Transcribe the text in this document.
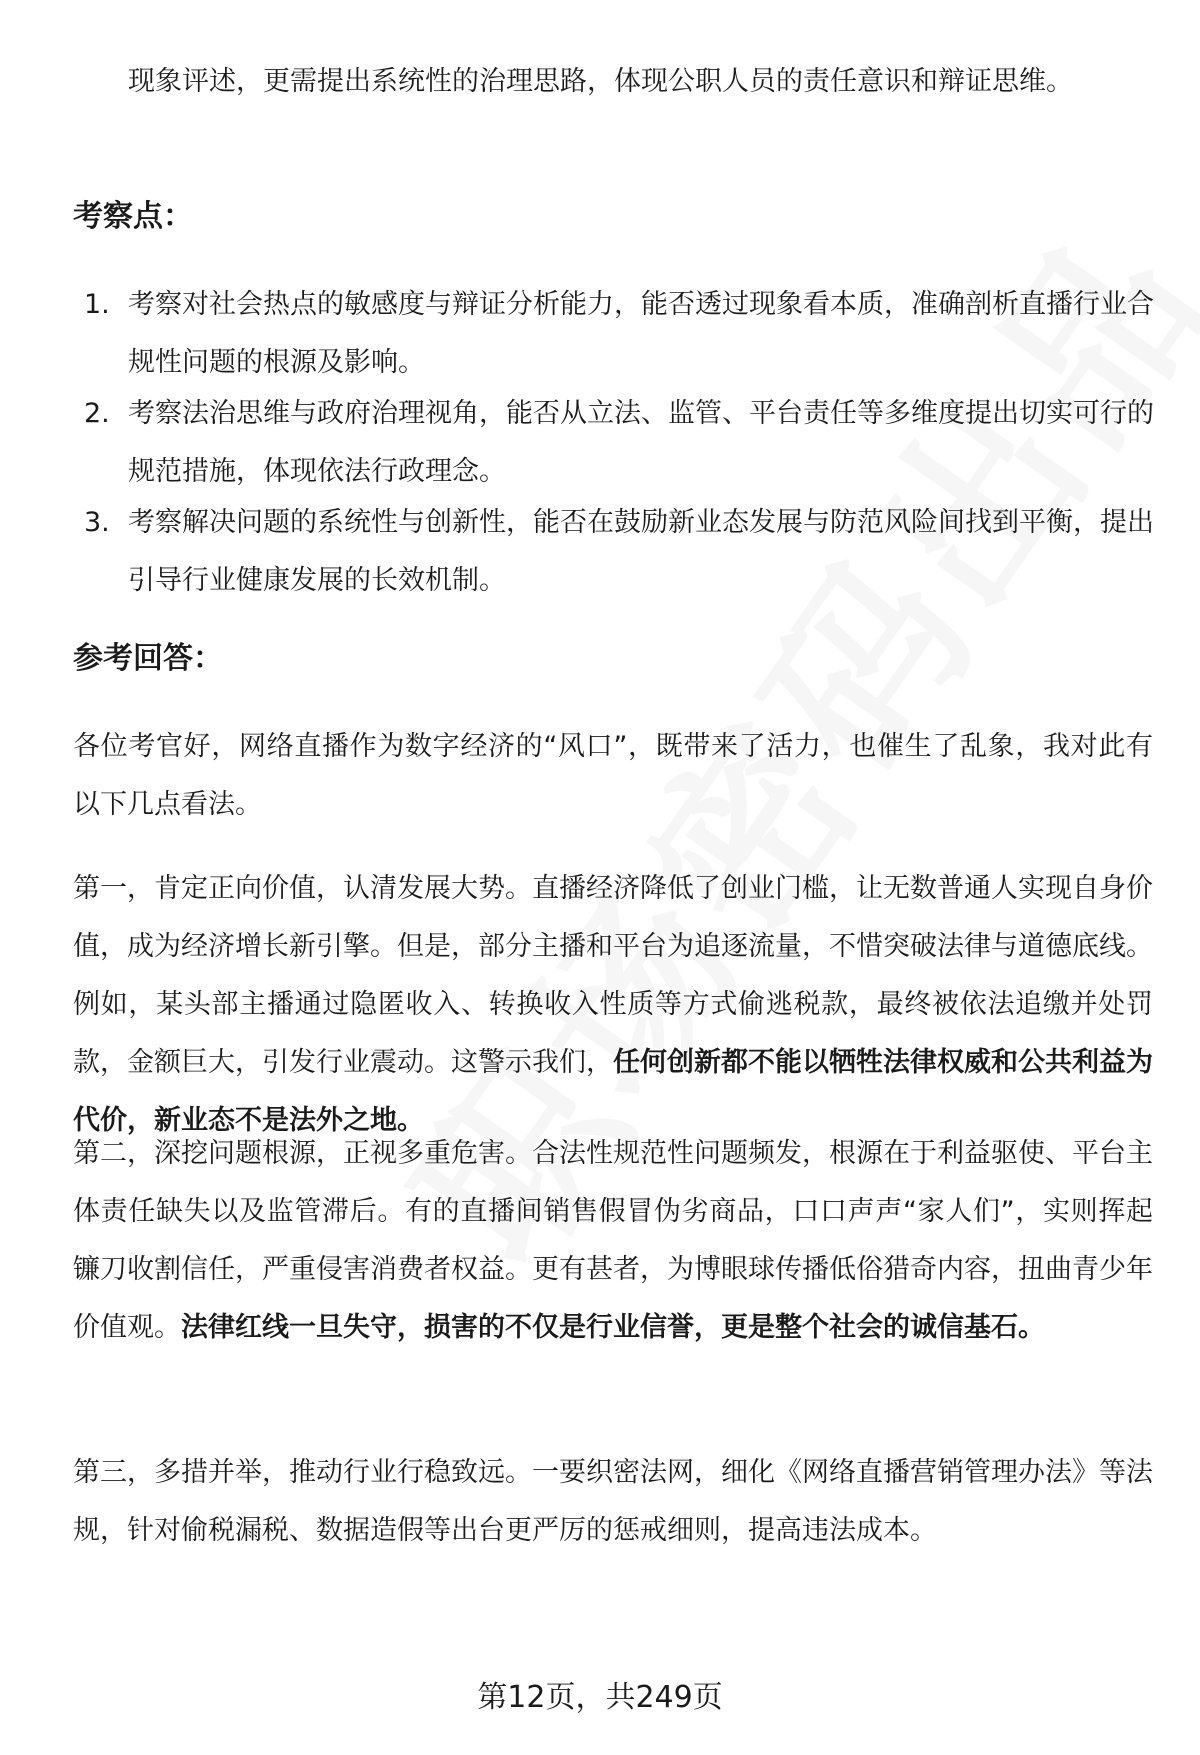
现象评述，更需提出系统性的治理思路，体现公职人员的责任意识和辩证思维。

考察点：
1. 考察对社会热点的敏感度与辩证分析能力，能否透过现象看本质，准确剖析直播行业合规性问题的根源及影响。
2. 考察法治思维与政府治理视角，能否从立法、监管、平台责任等多维度提出切实可行的规范措施，体现依法行政理念。
3. 考察解决问题的系统性与创新性，能否在鼓励新业态发展与防范风险间找到平衡，提出引导行业健康发展的长效机制。
参考回答：

各位考官好，网络直播作为数字经济的“风口”，既带来了活力，也催生了乱象，我对此有以下几点看法。

第一，肯定正向价值，认清发展大势。直播经济降低了创业门槛，让无数普通人实现自身价值，成为经济增长新引擎。但是，部分主播和平台为追逐流量，不惜突破法律与道德底线。例如，某头部主播通过隐匿收入、转换收入性质等方式偷逃税款，最终被依法追缴并处罚款，金额巨大，引发行业震动。这警示我们，任何创新都不能以牺牲法律权威和公共利益为代价，新业态不是法外之地。

第二，深挖问题根源，正视多重危害。合法性规范性问题频发，根源在于利益驱使、平台主体责任缺失以及监管滞后。有的直播间销售假冒伪劣商品，口口声声“家人们”，实则挥起镰刀收割信任，严重侵害消费者权益。更有甚者，为博眼球传播低俗猎奇内容，扭曲青少年价值观。法律红线一旦失守，损害的不仅是行业信誉，更是整个社会的诚信基石。

第三，多措并举，推动行业行稳致远。一要织密法网，细化《网络直播营销管理办法》等法规，针对偷税漏税、数据造假等出台更严厉的惩戒细则，提高违法成本。

第12页，共249页
